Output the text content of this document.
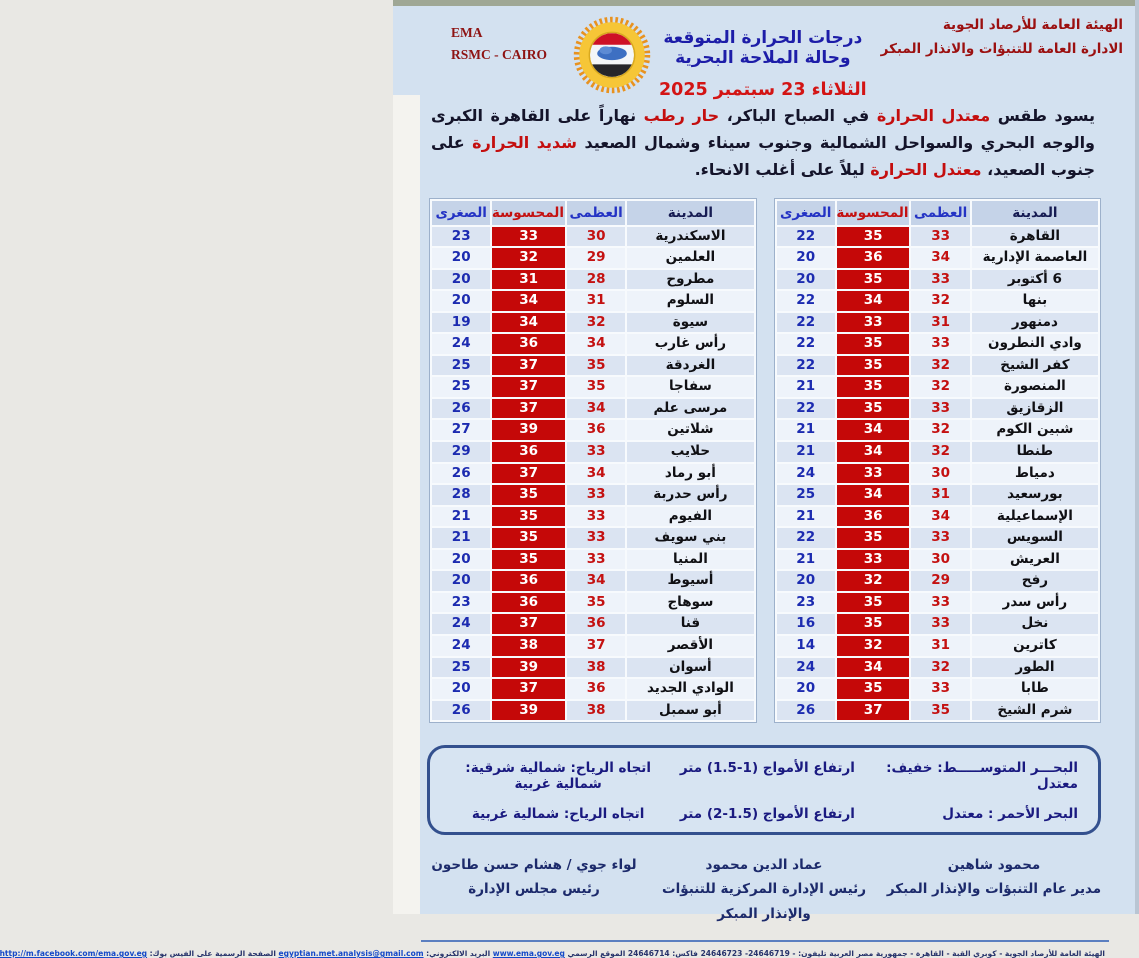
EMA
RSMC - CAIRO
درجات الحرارة المتوقعة وحالة الملاحة البحرية
الثلاثاء 23 سبتمبر 2025
الهيئة العامة للأرصاد الجوية
الادارة العامة للتنبؤات والانذار المبكر

يسود طقس معتدل الحرارة في الصباح الباكر، حار رطب نهاراً على القاهرة الكبرى والوجه البحري والسواحل الشمالية وجنوب سيناء وشمال الصعيد شديد الحرارة على جنوب الصعيد، معتدل الحرارة ليلاً على أغلب الانحاء.

المدينة	العظمى	المحسوسة	الصغرى
القاهرة	33	35	22
العاصمة الإدارية	34	36	20
6 أكتوبر	33	35	20
بنها	32	34	22
دمنهور	31	33	22
وادي النطرون	33	35	22
كفر الشيخ	32	35	22
المنصورة	32	35	21
الزقازيق	33	35	22
شبين الكوم	32	34	21
طنطا	32	34	21
دمياط	30	33	24
بورسعيد	31	34	25
الإسماعيلية	34	36	21
السويس	33	35	22
العريش	30	33	21
رفح	29	32	20
رأس سدر	33	35	23
نخل	33	35	16
كاترين	31	32	14
الطور	32	34	24
طابا	33	35	20
شرم الشيخ	35	37	26
المدينة	العظمى	المحسوسة	الصغرى
الاسكندرية	30	33	23
العلمين	29	32	20
مطروح	28	31	20
السلوم	31	34	20
سيوة	32	34	19
رأس غارب	34	36	24
الغردقة	35	37	25
سفاجا	35	37	25
مرسى علم	34	37	26
شلاتين	36	39	27
حلايب	33	36	29
أبو رماد	34	37	26
رأس حدربة	33	35	28
الفيوم	33	35	21
بني سويف	33	35	21
المنيا	33	35	20
أسيوط	34	36	20
سوهاج	35	36	23
قنا	36	37	24
الأقصر	37	38	24
أسوان	38	39	25
الوادي الجديد	36	37	20
أبو سمبل	38	39	26
البحـــر المتوســـــط: خفيف: معتدل
ارتفاع الأمواج (1-1.5) متر
اتجاه الرياح: شمالية شرقية: شمالية غربية
البحر الأحمر : معتدل
ارتفاع الأمواج (1.5-2) متر
اتجاه الرياح: شمالية غربية
محمود شاهين
مدير عام التنبؤات والإنذار المبكر
عماد الدين محمود
رئيس الإدارة المركزية للتنبؤات والإنذار المبكر
لواء جوي / هشام حسن طاحون
رئيس مجلس الإدارة
الهيئة العامة للأرصاد الجوية - كوبري القبة - القاهرة - جمهورية مصر العربية تليفون: - 24646719- 24646723 فاكس: 24646714 الموقع الرسمي www.ema.gov.eg البريد الالكتروني: egyptian.met.analysis@gmail.com الصفحة الرسمية على الفيس بوك: http://m.facebook.com/ema.gov.eg
